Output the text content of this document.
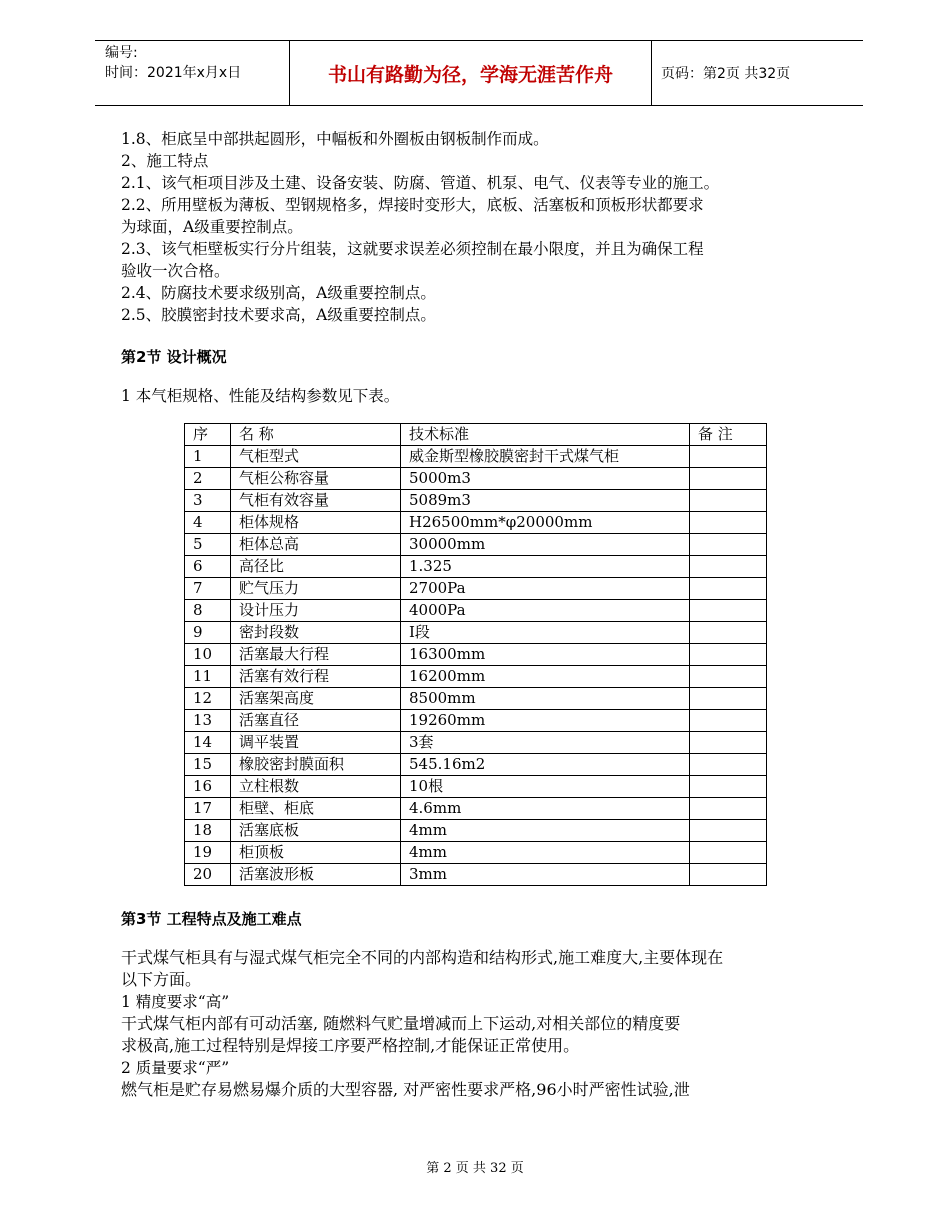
编号:
时间：2021年x月x日	书山有路勤为径，学海无涯苦作舟	页码：第2页 共32页

1.8、柜底呈中部拱起圆形，中幅板和外圈板由钢板制作而成。

2、施工特点

2.1、该气柜项目涉及土建、设备安装、防腐、管道、机泵、电气、仪表等专业的施工。

2.2、所用壁板为薄板、型钢规格多，焊接时变形大，底板、活塞板和顶板形状都要求

为球面，A级重要控制点。

2.3、该气柜壁板实行分片组装，这就要求误差必须控制在最小限度，并且为确保工程

验收一次合格。

2.4、防腐技术要求级别高，A级重要控制点。

2.5、胶膜密封技术要求高，A级重要控制点。

第2节 设计概况

1 本气柜规格、性能及结构参数见下表。

序	名 称	技术标准	备 注
1	气柜型式	威金斯型橡胶膜密封干式煤气柜	
2	气柜公称容量	5000m3	
3	气柜有效容量	5089m3	
4	柜体规格	H26500mm*φ20000mm	
5	柜体总高	30000mm	
6	高径比	1.325	
7	贮气压力	2700Pa	
8	设计压力	4000Pa	
9	密封段数	I段	
10	活塞最大行程	16300mm	
11	活塞有效行程	16200mm	
12	活塞架高度	8500mm	
13	活塞直径	19260mm	
14	调平装置	3套	
15	橡胶密封膜面积	545.16m2	
16	立柱根数	10根	
17	柜壁、柜底	4.6mm	
18	活塞底板	4mm	
19	柜顶板	4mm	
20	活塞波形板	3mm	

第3节 工程特点及施工难点

干式煤气柜具有与湿式煤气柜完全不同的内部构造和结构形式,施工难度大,主要体现在

以下方面。

1 精度要求“高”

干式煤气柜内部有可动活塞, 随燃料气贮量增减而上下运动,对相关部位的精度要

求极高,施工过程特别是焊接工序要严格控制,才能保证正常使用。

2 质量要求“严”

燃气柜是贮存易燃易爆介质的大型容器, 对严密性要求严格,96小时严密性试验,泄

第 2 页 共 32 页
